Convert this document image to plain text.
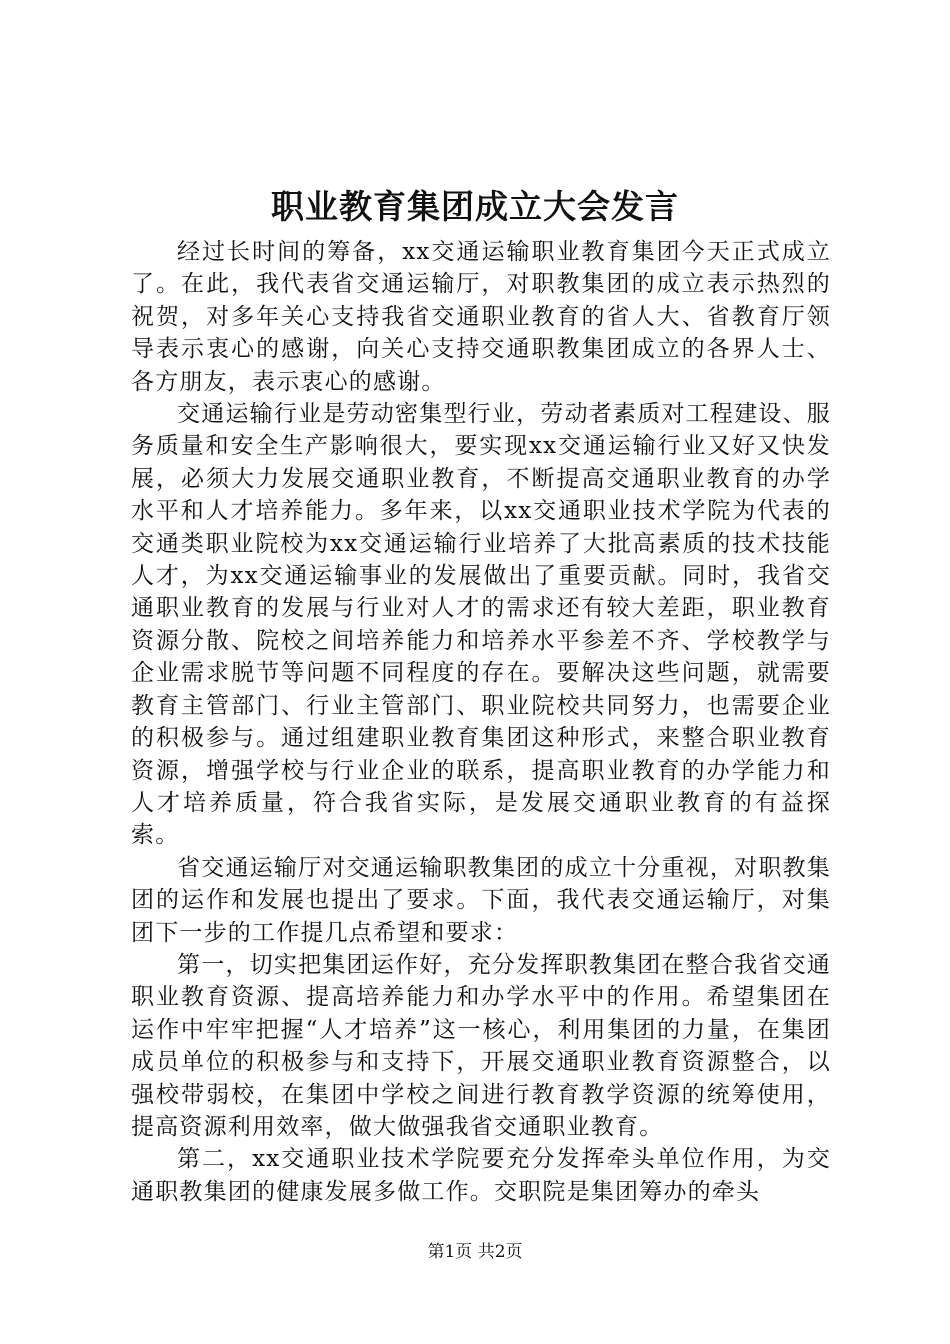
职业教育集团成立大会发言

经过长时间的筹备，xx交通运输职业教育集团今天正式成立了。在此，我代表省交通运输厅，对职教集团的成立表示热烈的祝贺，对多年关心支持我省交通职业教育的省人大、省教育厅领导表示衷心的感谢，向关心支持交通职教集团成立的各界人士、各方朋友，表示衷心的感谢。

交通运输行业是劳动密集型行业，劳动者素质对工程建设、服务质量和安全生产影响很大，要实现xx交通运输行业又好又快发展，必须大力发展交通职业教育，不断提高交通职业教育的办学水平和人才培养能力。多年来，以xx交通职业技术学院为代表的交通类职业院校为xx交通运输行业培养了大批高素质的技术技能人才，为xx交通运输事业的发展做出了重要贡献。同时，我省交通职业教育的发展与行业对人才的需求还有较大差距，职业教育资源分散、院校之间培养能力和培养水平参差不齐、学校教学与企业需求脱节等问题不同程度的存在。要解决这些问题，就需要教育主管部门、行业主管部门、职业院校共同努力，也需要企业的积极参与。通过组建职业教育集团这种形式，来整合职业教育资源，增强学校与行业企业的联系，提高职业教育的办学能力和人才培养质量，符合我省实际，是发展交通职业教育的有益探索。

省交通运输厅对交通运输职教集团的成立十分重视，对职教集团的运作和发展也提出了要求。下面，我代表交通运输厅，对集团下一步的工作提几点希望和要求：

第一，切实把集团运作好，充分发挥职教集团在整合我省交通职业教育资源、提高培养能力和办学水平中的作用。希望集团在运作中牢牢把握“人才培养”这一核心，利用集团的力量，在集团成员单位的积极参与和支持下，开展交通职业教育资源整合，以强校带弱校，在集团中学校之间进行教育教学资源的统筹使用，提高资源利用效率，做大做强我省交通职业教育。

第二，xx交通职业技术学院要充分发挥牵头单位作用，为交通职教集团的健康发展多做工作。交职院是集团筹办的牵头

第1页 共2页
